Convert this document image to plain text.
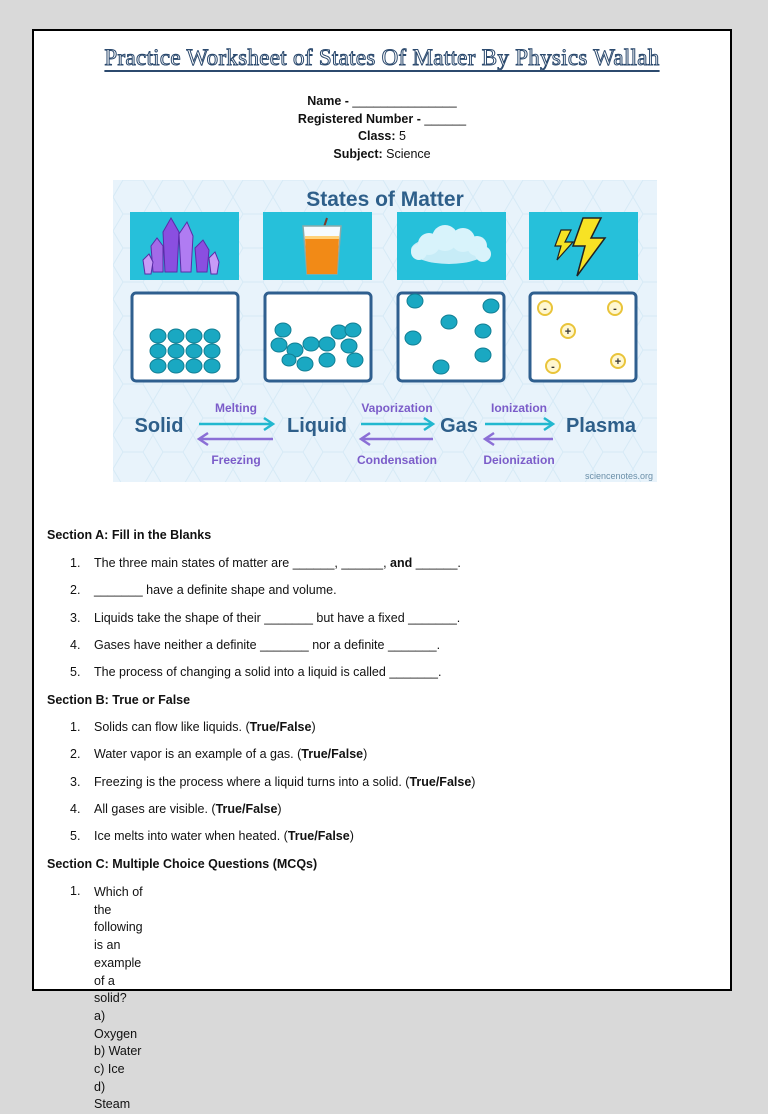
Practice Worksheet of States Of Matter By Physics Wallah
Name - _______________
Registered Number - ______
Class: 5
Subject: Science
States of Matter
-	-
+
-	+
Solid	Liquid	Gas	Plasma
Melting
Freezing
Vaporization
Condensation
Ionization
Deionization
sciencenotes.org
Section A: Fill in the Blanks
1. The three main states of matter are ______, ______, and ______.
2. _______ have a definite shape and volume.
3. Liquids take the shape of their _______ but have a fixed _______.
4. Gases have neither a definite _______ nor a definite _______.
5. The process of changing a solid into a liquid is called _______.
Section B: True or False
1. Solids can flow like liquids. (True/False)
2. Water vapor is an example of a gas. (True/False)
3. Freezing is the process where a liquid turns into a solid. (True/False)
4. All gases are visible. (True/False)
5. Ice melts into water when heated. (True/False)
Section C: Multiple Choice Questions (MCQs)
1. Which of the following is an example of a solid?
a) Oxygen
b) Water
c) Ice
d) Steam
